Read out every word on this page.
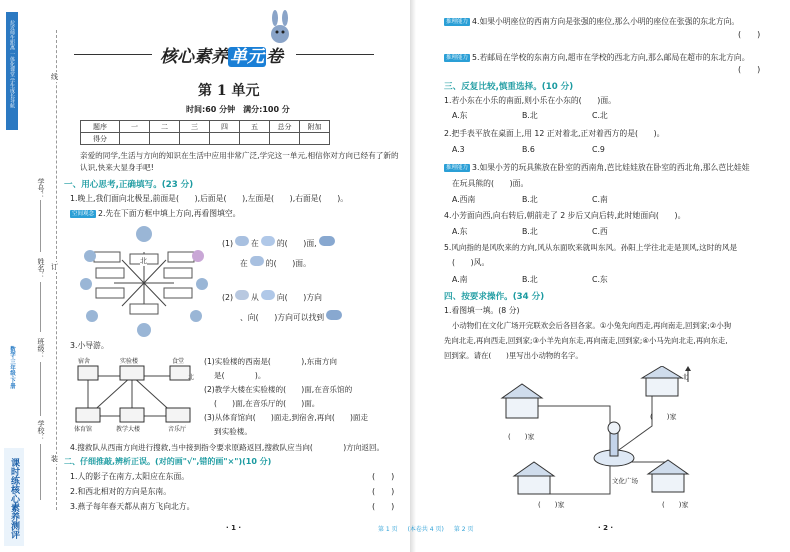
拉近师生距离 一体化课堂 学生成长导航
数学·三年级·下册
课时练核心素养测评
线
订
装
学号：
姓名：
班级：
学校：
核心素养 单元 卷
第 1 单元
时间:60 分钟　满分:100 分
题序	一	二	三	四	五	总分	附加
得分							
亲爱的同学,生活与方向的知识在生活中应用非常广泛,学完这一单元,相信你对方向已经有了新的认识,快来大显身手吧!
一、用心思考,正确填写。(23 分)
1.晚上,我们面向北极星,前面是(　　),后面是(　　),左面是(　　),右面是(　　)。
空间观念 2.先在下面方框中填上方向,再看图填空。
北
(1) 在 的(　　)面,
在 的(　　)面。
(2) 从 向(　　)方向
、向(　　)方向可以找到
3.小导游。
宿舍	实验楼	食堂
体育馆	教学大楼	音乐厅
北
(1)实验楼的西南是(　　　　),东南方向
是(　　　　)。
(2)教学大楼在实验楼的(　　)面,在音乐馆的
(　　)面,在音乐厅的(　　)面。
(3)从体育馆向(　　)面走,到宿舍,再向(　　)面走
到实验楼。
4.搜救队从西南方向进行搜救,当中接到指令要求原路返回,搜救队应当向(　　　　)方向返回。
二、仔细推敲,辨析正误。(对的画"√",错的画"×")(10 分)
1.人的影子在南方,太阳应在东面。	(　　)
2.和西北相对的方向是东南。	(　　)
3.燕子每年春天都从南方飞向北方。	(　　)
· 1 ·
推理能力 4.如果小明座位的西南方向是张强的座位,那么小明的座位在张强的东北方向。
(　　)
推理能力 5.若邮局在学校的东南方向,超市在学校的西北方向,那么邮局在超市的东北方向。
(　　)
三、反复比较,慎重选择。(10 分)
1.若小东在小乐的南面,则小乐在小东的(　　)面。
A.东	B.北	C.北
2.把手表平放在桌面上,用 12 正对着北,正对着西方的是(　　)。
A.3	B.6	C.9
推理能力 3.如果小芳的玩具熊放在卧室的西南角,芭比娃娃放在卧室的西北角,那么芭比娃娃
在玩具熊的(　　)面。
A.西南	B.北	C.南
4.小芳面向西,向右转后,朝前走了 2 步后又向后转,此时她面向(　　)。
A.东	B.北	C.西
5.风向指的是风吹来的方向,风从东面吹来就叫东风。孙阳上学往北走是顶风,这时的风是
(　　)风。
A.南	B.北	C.东
四、按要求操作。(34 分)
1.看图填一填。(8 分)
小动物们在文化广场开完联欢会后各回各家。①小兔先向西走,再向南走,回到家;②小狗
先向北走,再向西走,回到家;③小羊先向东走,再向南走,回到家;④小马先向北走,再向东走,
回到家。请在(　　)里写出小动物的名字。
北
(　　)家
(　　)家
(　　)家	(　　)家
文化广场
第 1 页 (本卷共 4 页) 第 2 页	· 2 ·
